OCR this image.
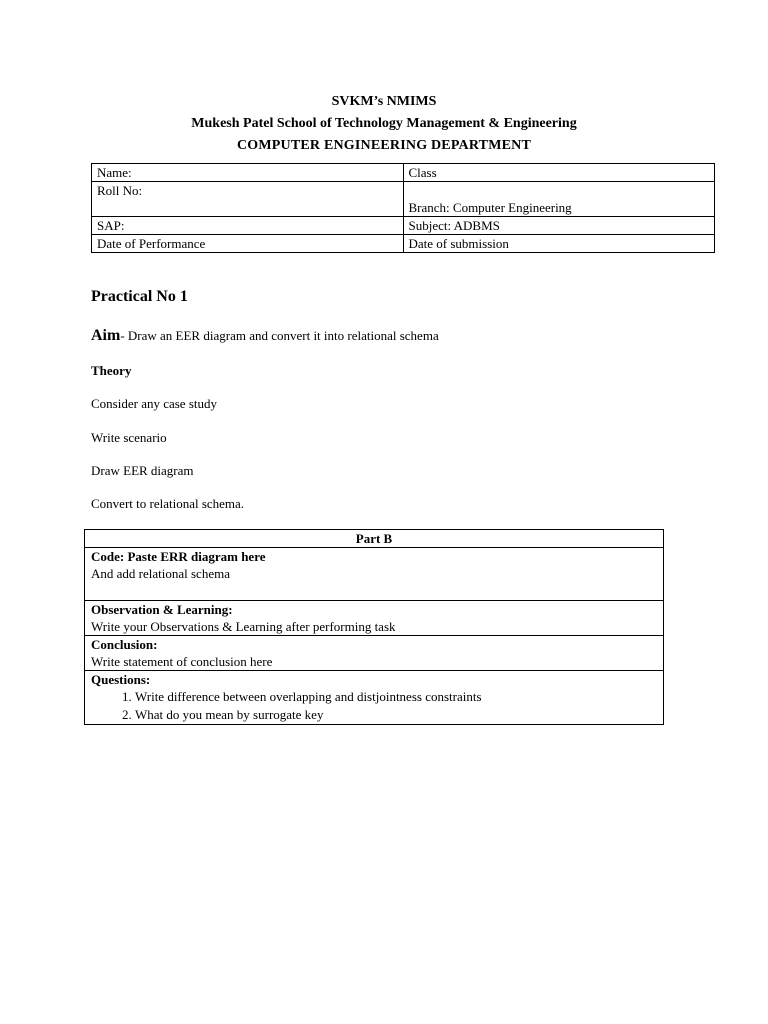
SVKM’s NMIMS

Mukesh Patel School of Technology Management & Engineering

COMPUTER ENGINEERING DEPARTMENT

Name:	Class
Roll No:	Branch: Computer Engineering
SAP:	Subject: ADBMS
Date of Performance	Date of submission

Practical No 1

Aim- Draw an EER diagram and convert it into relational schema

Theory

Consider any case study

Write scenario

Draw EER diagram

Convert to relational schema.

Part B

Code: Paste ERR diagram here
And add relational schema

Observation & Learning:
Write your Observations & Learning after performing task

Conclusion:
Write statement of conclusion here

Questions:
1. Write difference between overlapping and distjointness constraints
2. What do you mean by surrogate key
